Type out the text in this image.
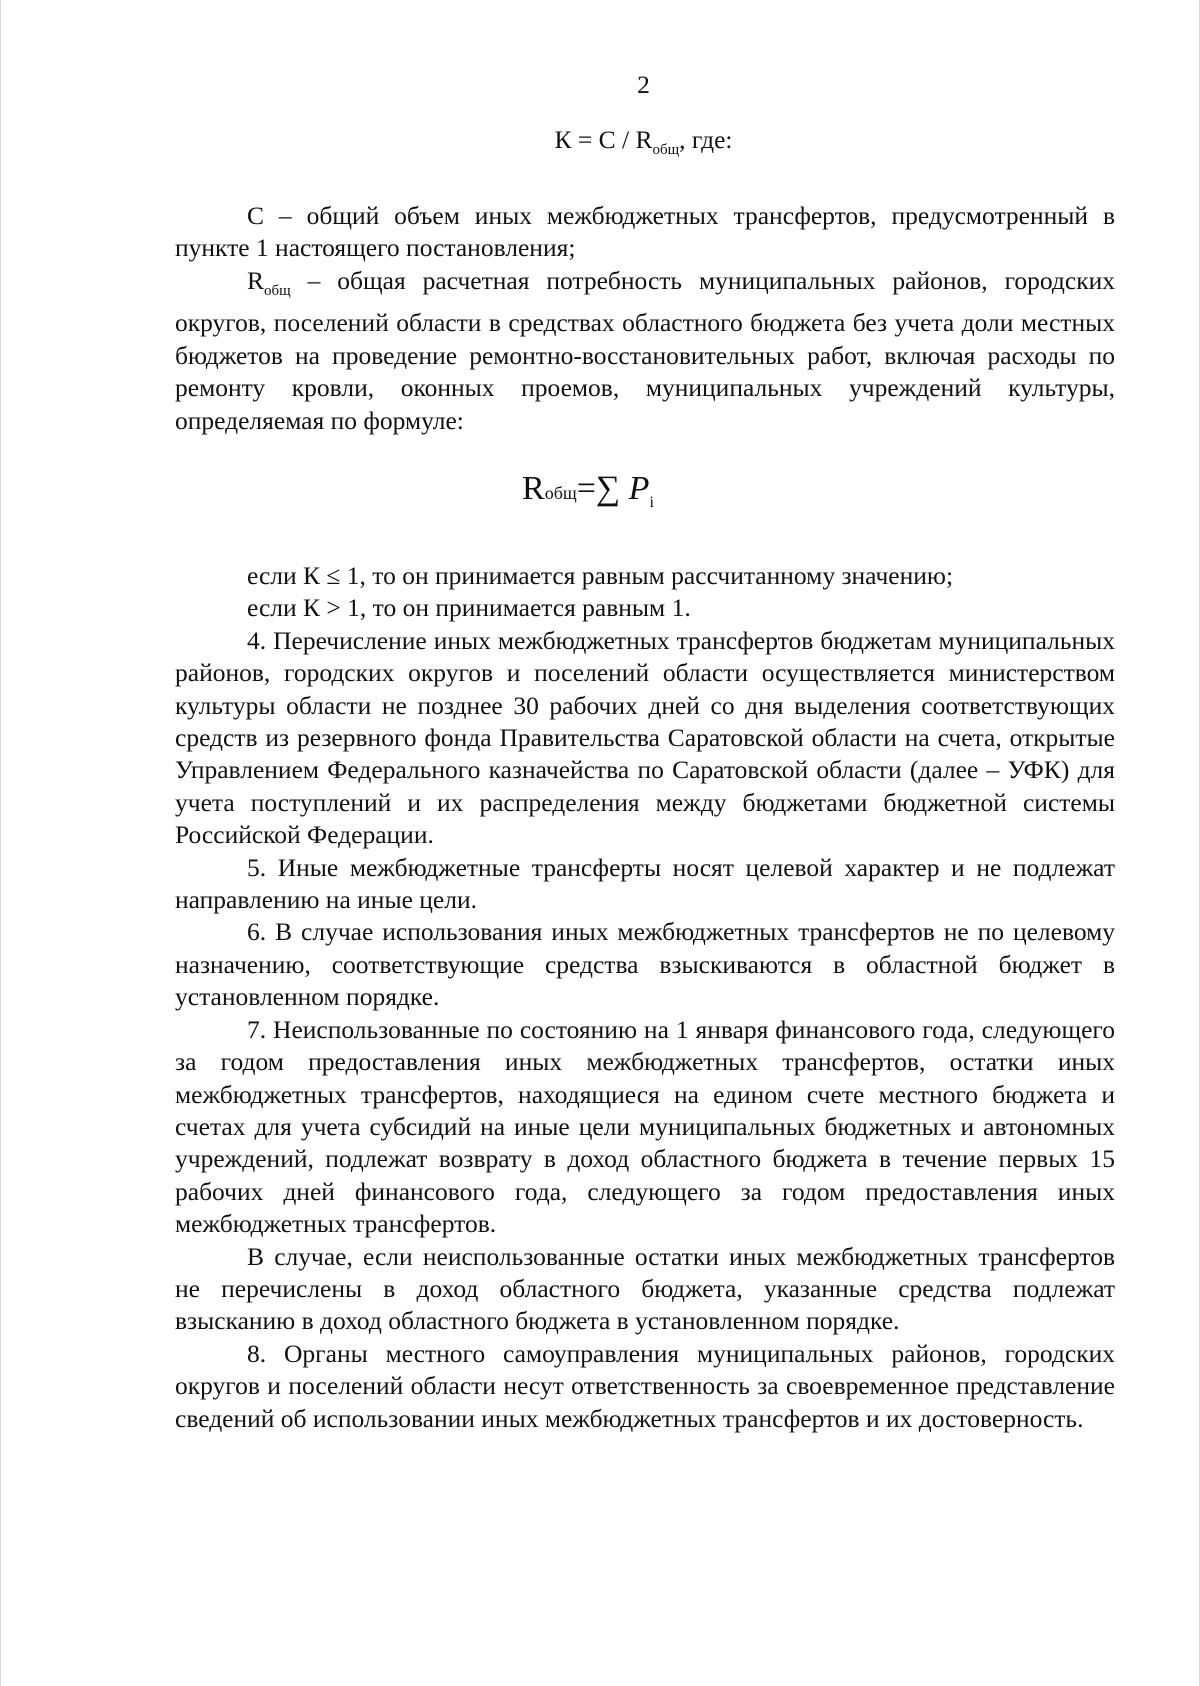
2
$К = С / R_{общ}$, где:

С – общий объем иных межбюджетных трансфертов, предусмотренный в пункте 1 настоящего постановления;

$R_{общ}$ – общая расчетная потребность муниципальных районов, городских округов, поселений области в средствах областного бюджета без учета доли местных бюджетов на проведение ремонтно-восстановительных работ, включая расходы по ремонту кровли, оконных проемов, муниципальных учреждений культуры, определяемая по формуле:

Rобщ=∑ $P_i$

если К ≤ 1, то он принимается равным рассчитанному значению;

если К > 1, то он принимается равным 1.

4. Перечисление иных межбюджетных трансфертов бюджетам муниципальных районов, городских округов и поселений области осуществляется министерством культуры области не позднее 30 рабочих дней со дня выделения соответствующих средств из резервного фонда Правительства Саратовской области на счета, открытые Управлением Федерального казначейства по Саратовской области (далее – УФК) для учета поступлений и их распределения между бюджетами бюджетной системы Российской Федерации.

5. Иные межбюджетные трансферты носят целевой характер и не подлежат направлению на иные цели.

6. В случае использования иных межбюджетных трансфертов не по целевому назначению, соответствующие средства взыскиваются в областной бюджет в установленном порядке.

7. Неиспользованные по состоянию на 1 января финансового года, следующего за годом предоставления иных межбюджетных трансфертов, остатки иных межбюджетных трансфертов, находящиеся на едином счете местного бюджета и счетах для учета субсидий на иные цели муниципальных бюджетных и автономных учреждений, подлежат возврату в доход областного бюджета в течение первых 15 рабочих дней финансового года, следующего за годом предоставления иных межбюджетных трансфертов.

В случае, если неиспользованные остатки иных межбюджетных трансфертов не перечислены в доход областного бюджета, указанные средства подлежат взысканию в доход областного бюджета в установленном порядке.

8. Органы местного самоуправления муниципальных районов, городских округов и поселений области несут ответственность за своевременное представление сведений об использовании иных межбюджетных трансфертов и их достоверность.
